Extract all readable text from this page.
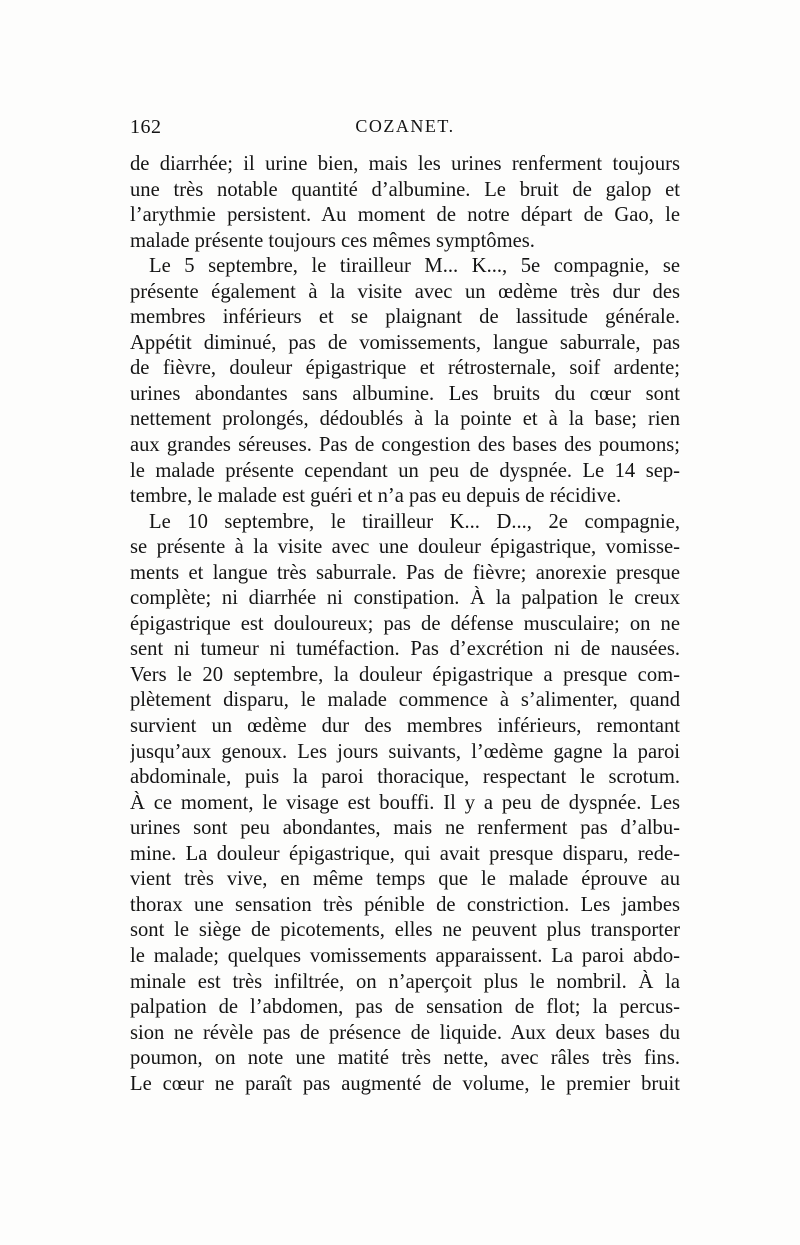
162	COZANET.
de diarrhée; il urine bien, mais les urines renferment toujours
une très notable quantité d’albumine. Le bruit de galop et
l’arythmie persistent. Au moment de notre départ de Gao, le
malade présente toujours ces mêmes symptômes.
Le 5 septembre, le tirailleur M... K..., 5e compagnie, se
présente également à la visite avec un œdème très dur des
membres inférieurs et se plaignant de lassitude générale.
Appétit diminué, pas de vomissements, langue saburrale, pas
de fièvre, douleur épigastrique et rétrosternale, soif ardente;
urines abondantes sans albumine. Les bruits du cœur sont
nettement prolongés, dédoublés à la pointe et à la base; rien
aux grandes séreuses. Pas de congestion des bases des poumons;
le malade présente cependant un peu de dyspnée. Le 14 sep-
tembre, le malade est guéri et n’a pas eu depuis de récidive.
Le 10 septembre, le tirailleur K... D..., 2e compagnie,
se présente à la visite avec une douleur épigastrique, vomisse-
ments et langue très saburrale. Pas de fièvre; anorexie presque
complète; ni diarrhée ni constipation. À la palpation le creux
épigastrique est douloureux; pas de défense musculaire; on ne
sent ni tumeur ni tuméfaction. Pas d’excrétion ni de nausées.
Vers le 20 septembre, la douleur épigastrique a presque com-
plètement disparu, le malade commence à s’alimenter, quand
survient un œdème dur des membres inférieurs, remontant
jusqu’aux genoux. Les jours suivants, l’œdème gagne la paroi
abdominale, puis la paroi thoracique, respectant le scrotum.
À ce moment, le visage est bouffi. Il y a peu de dyspnée. Les
urines sont peu abondantes, mais ne renferment pas d’albu-
mine. La douleur épigastrique, qui avait presque disparu, rede-
vient très vive, en même temps que le malade éprouve au
thorax une sensation très pénible de constriction. Les jambes
sont le siège de picotements, elles ne peuvent plus transporter
le malade; quelques vomissements apparaissent. La paroi abdo-
minale est très infiltrée, on n’aperçoit plus le nombril. À la
palpation de l’abdomen, pas de sensation de flot; la percus-
sion ne révèle pas de présence de liquide. Aux deux bases du
poumon, on note une matité très nette, avec râles très fins.
Le cœur ne paraît pas augmenté de volume, le premier bruit
